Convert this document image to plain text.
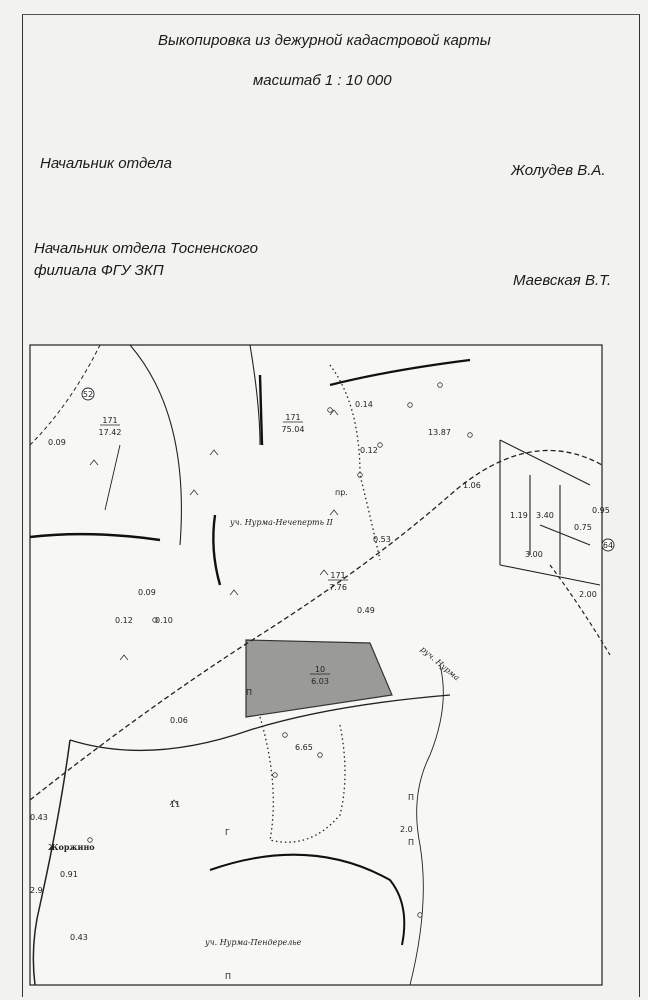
Выкопировка из дежурной кадастровой карты
масштаб 1 : 10 000
Начальник отдела	Жолудев В.А.
Начальник отдела Тосненского
филиала ФГУ ЗКП
Маевская В.Т.
171
17.42
171
75.04
171
7.76
10
6.03
13.87
0.14
0.12
1.06
0.53
0.49
0.09
0.12
0.09
0.10
0.06
6.65
11
0.43
0.91
0.43
2.9
2.0
1.19 3.40
0.95
0.75
3.00
2.00
уч. Нурма-Нечеперть II
Жоржино
уч. Нурма-Пендерелье
руч. Нурма
52
64
пр.
П
Г
П
П
П
